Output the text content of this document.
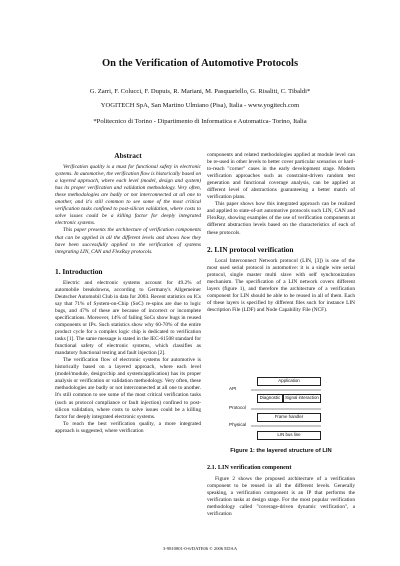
On the Verification of Automotive Protocols
G. Zarri, F. Colucci, F. Dupuis, R. Mariani, M. Pasquariello, G. Risaliti, C. Tibaldi*
YOGITECH SpA, San Martino Ulmiano (Pisa), Italia - www.yogitech.com
*Politecnico di Torino - Dipartimento di Informatica e Automatica- Torino, Italia
Abstract

Verification quality is a must for functional safety in electronic systems. In automotive, the verification flow is historically based on a layered approach, where each level (model, design and system) has its proper verification and validation methodology. Very often, these methodologies are badly or not interconnected at all one to another, and it's still common to see some of the most critical verification tasks confined to post-silicon validation, where costs to solve issues could be a killing factor for deeply integrated electronic systems.

This paper presents the architecture of verification components that can be applied in all the different levels and shows how they have been successfully applied to the verification of systems integrating LIN, CAN and FlexRay protocols.

1. Introduction

Electric and electronic systems account for 49.2% of automobile breakdowns, according to Germany's Allgemeiner Deutscher Automobil Club in data for 2003. Recent statistics on ICs say that 71% of System-on-Chip (SoC) re-spins are due to logic bugs, and 47% of these are because of incorrect or incomplete specifications. Moreover, 14% of failing SoCs show bugs in reused components or IPs. Such statistics show why 60-70% of the entire product cycle for a complex logic chip is dedicated to verification tasks [1]. The same message is stated in the IEC-61508 standard for functional safety of electronic systems, which classifies as mandatory functional testing and fault injection [2].

The verification flow of electronic systems for automotive is historically based on a layered approach, where each level (model/module, design/chip and system/application) has its proper analysis or verification or validation methodology. Very often, these methodologies are badly or not interconnected at all one to another. It's still common to see some of the most critical verification tasks (such as protocol compliance or fault injection) confined to post-silicon validation, where costs to solve issues could be a killing factor for deeply integrated electronic systems.

To reach the best verification quality, a more integrated approach is suggested, where verification

components and related methodologies applied at module level can be re-used in other levels to better cover particular scenarios or hard-to-reach "corner" cases in the early development stage. Modern verification approaches such as constraint-driven random test generation and functional coverage analysis, can be applied at different level of abstractions guaranteeing a better match of verification plans.

This paper shows how this integrated approach can be realized and applied to state-of-art automotive protocols such LIN, CAN and FlexRay, showing examples of the use of verification components at different abstraction levels based on the characteristics of each of these protocols.

2. LIN protocol verification

Local Interconnect Network protocol (LIN, [3]) is one of the most used serial protocol in automotive: it is a single wire serial protocol, single master multi slave with self synchronization mechanism. The specification of a LIN network covers different layers (figure 1), and therefore the architecture of a verification component for LIN should be able to be reused in all of them. Each of these layers is specified by different files such for instance LIN description File (LDF) and Node Capability File (NCF).

API
Protocol
Physical
Application
Diagnostic	Signal interaction
Frame handler
LIN bus line
Figure 1: the layered structure of LIN
2.1. LIN verification component

Figure 2 shows the proposed architecture of a verification component to be reused in all the different levels. Generally speaking, a verification component is an IP that performs the verification tasks at design stage. For the most popular verification methodology called "coverage-driven dynamic verification", a verification

3-9810801-0-6/DATE06 © 2006 EDAA
